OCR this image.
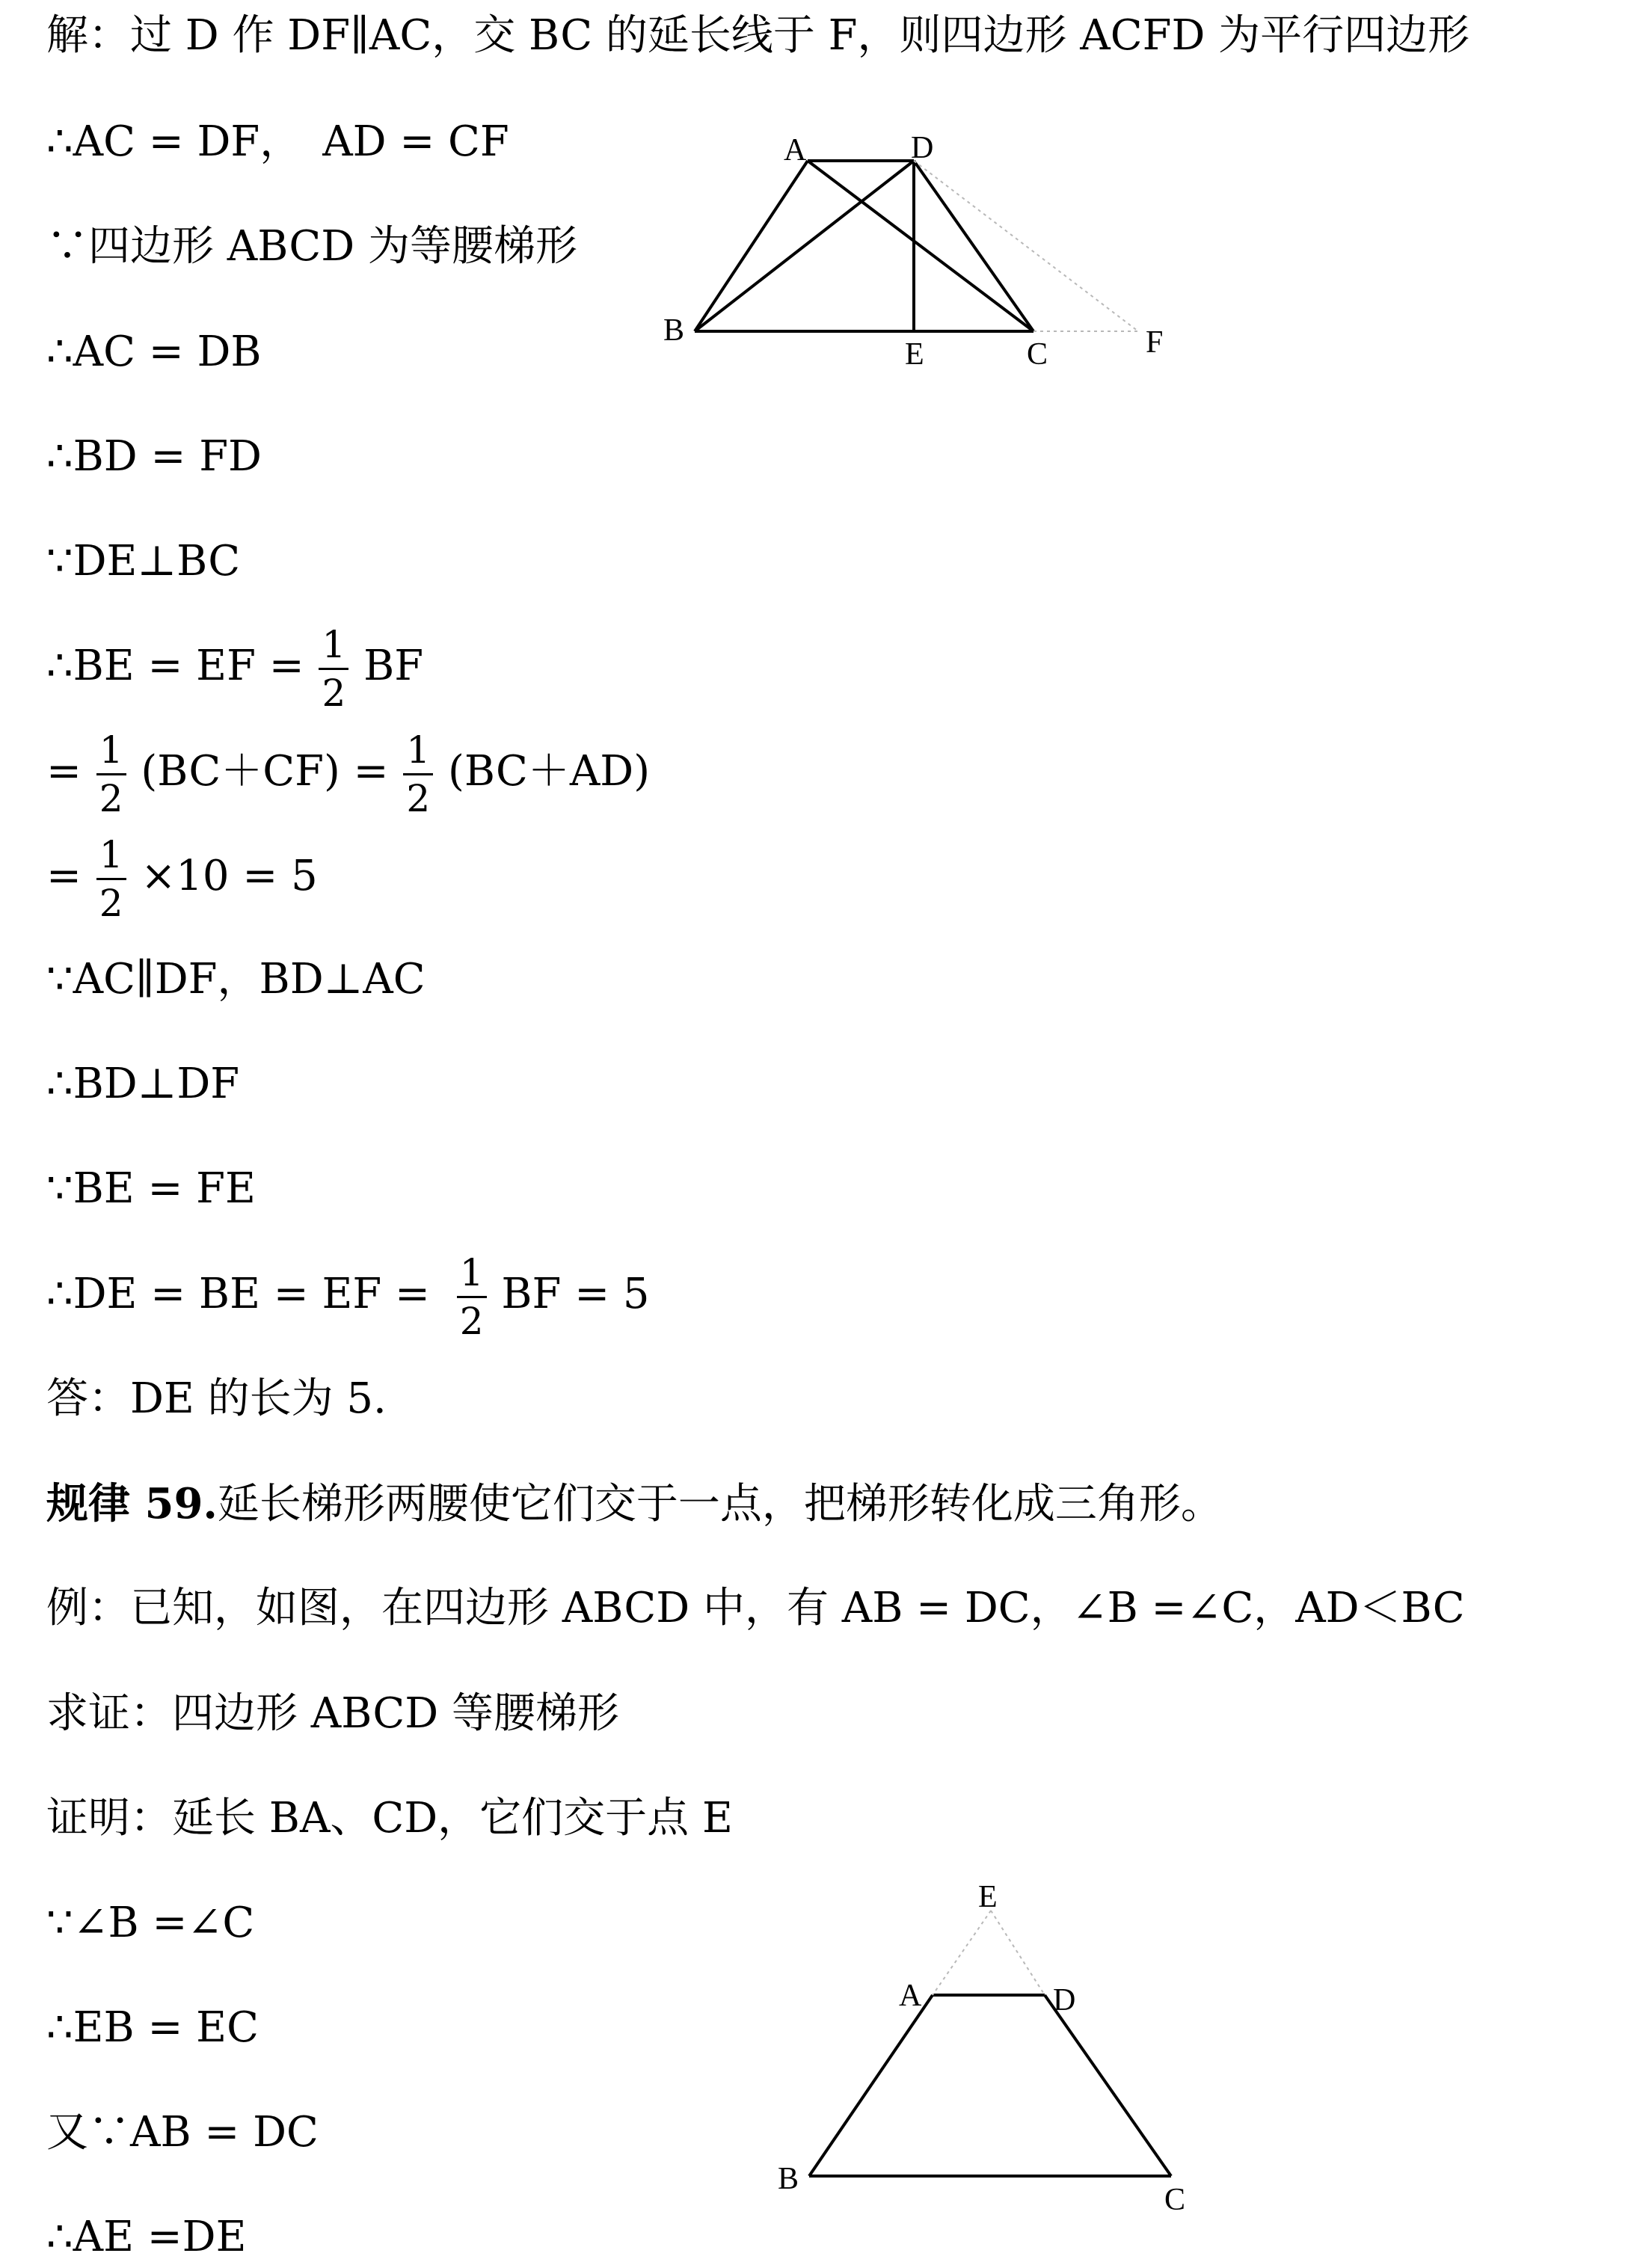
解：过 D 作 DF∥AC，交 BC 的延长线于 F，则四边形 ACFD 为平行四边形
∴AC = DF，　AD = CF
∵四边形 ABCD 为等腰梯形
∴AC = DB
∴BD = FD
∵DE⊥BC
∴BE = EF = $\frac{1}{2}$ BF
= $\frac{1}{2} (BC+CF) = \frac{1}{2} (BC+AD)$
= $\frac{1}{2} \times 10 = 5$
∵AC∥DF，BD⊥AC
∴BD⊥DF
∵BE = FE
∴DE = BE = EF = $\frac{1}{2}$ BF = 5
答：DE 的长为 5.
规律 59.延长梯形两腰使它们交于一点，把梯形转化成三角形。
例：已知，如图，在四边形 ABCD 中，有 AB = DC，∠B =∠C，AD＜BC
求证：四边形 ABCD 等腰梯形
证明：延长 BA、CD，它们交于点 E
∵∠B =∠C
∴EB = EC
又∵AB = DC
∴AE =DE
A	D
B
E	C	F
E
A	D
B
C
